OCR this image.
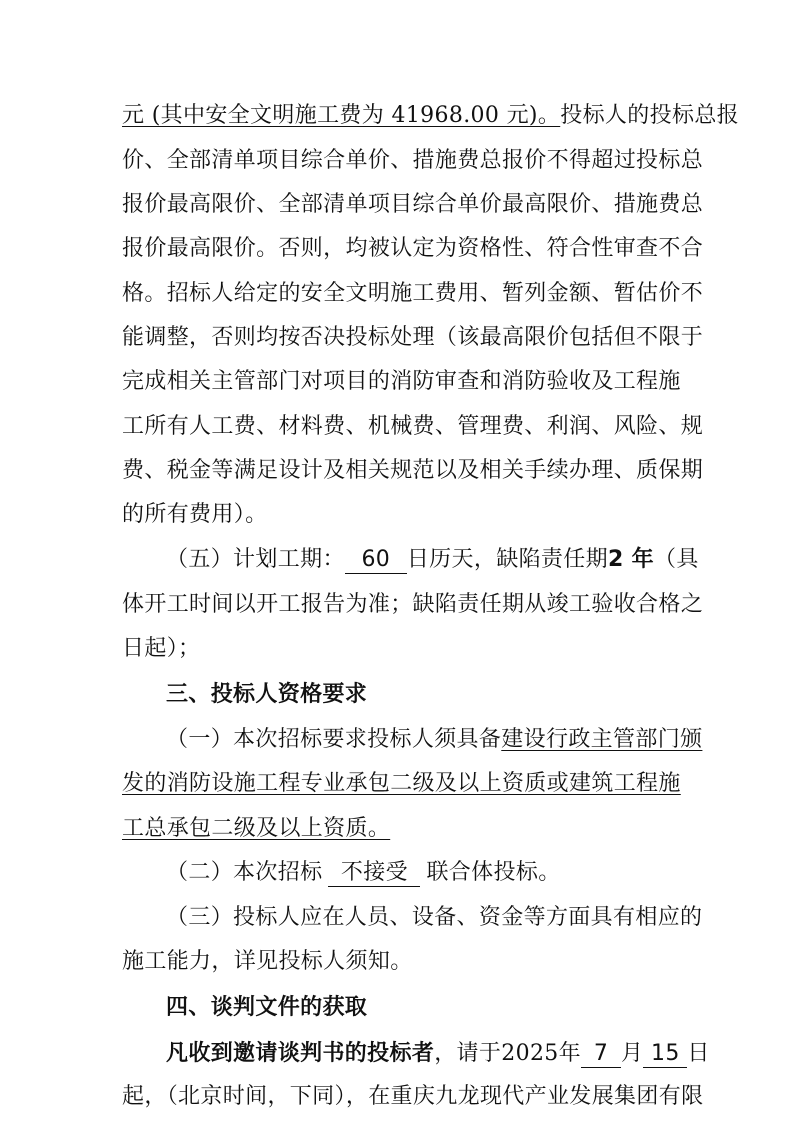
元 (其中安全文明施工费为 41968.00 元)。投标人的投标总报
价、全部清单项目综合单价、措施费总报价不得超过投标总
报价最高限价、全部清单项目综合单价最高限价、措施费总
报价最高限价。否则，均被认定为资格性、符合性审查不合
格。招标人给定的安全文明施工费用、暂列金额、暂估价不
能调整，否则均按否决投标处理（该最高限价包括但不限于
完成相关主管部门对项目的消防审查和消防验收及工程施
工所有人工费、材料费、机械费、管理费、利润、风险、规
费、税金等满足设计及相关规范以及相关手续办理、质保期
的所有费用）。
（五）计划工期： 60 日历天，缺陷责任期2 年（具
体开工时间以开工报告为准；缺陷责任期从竣工验收合格之
日起）；
三、投标人资格要求
（一）本次招标要求投标人须具备建设行政主管部门颁
发的消防设施工程专业承包二级及以上资质或建筑工程施
工总承包二级及以上资质。
（二）本次招标 不接受 联合体投标。
（三）投标人应在人员、设备、资金等方面具有相应的
施工能力，详见投标人须知。
四、谈判文件的获取
凡收到邀请谈判书的投标者，请于2025年 7 月 15 日
起，（北京时间，下同），在重庆九龙现代产业发展集团有限
